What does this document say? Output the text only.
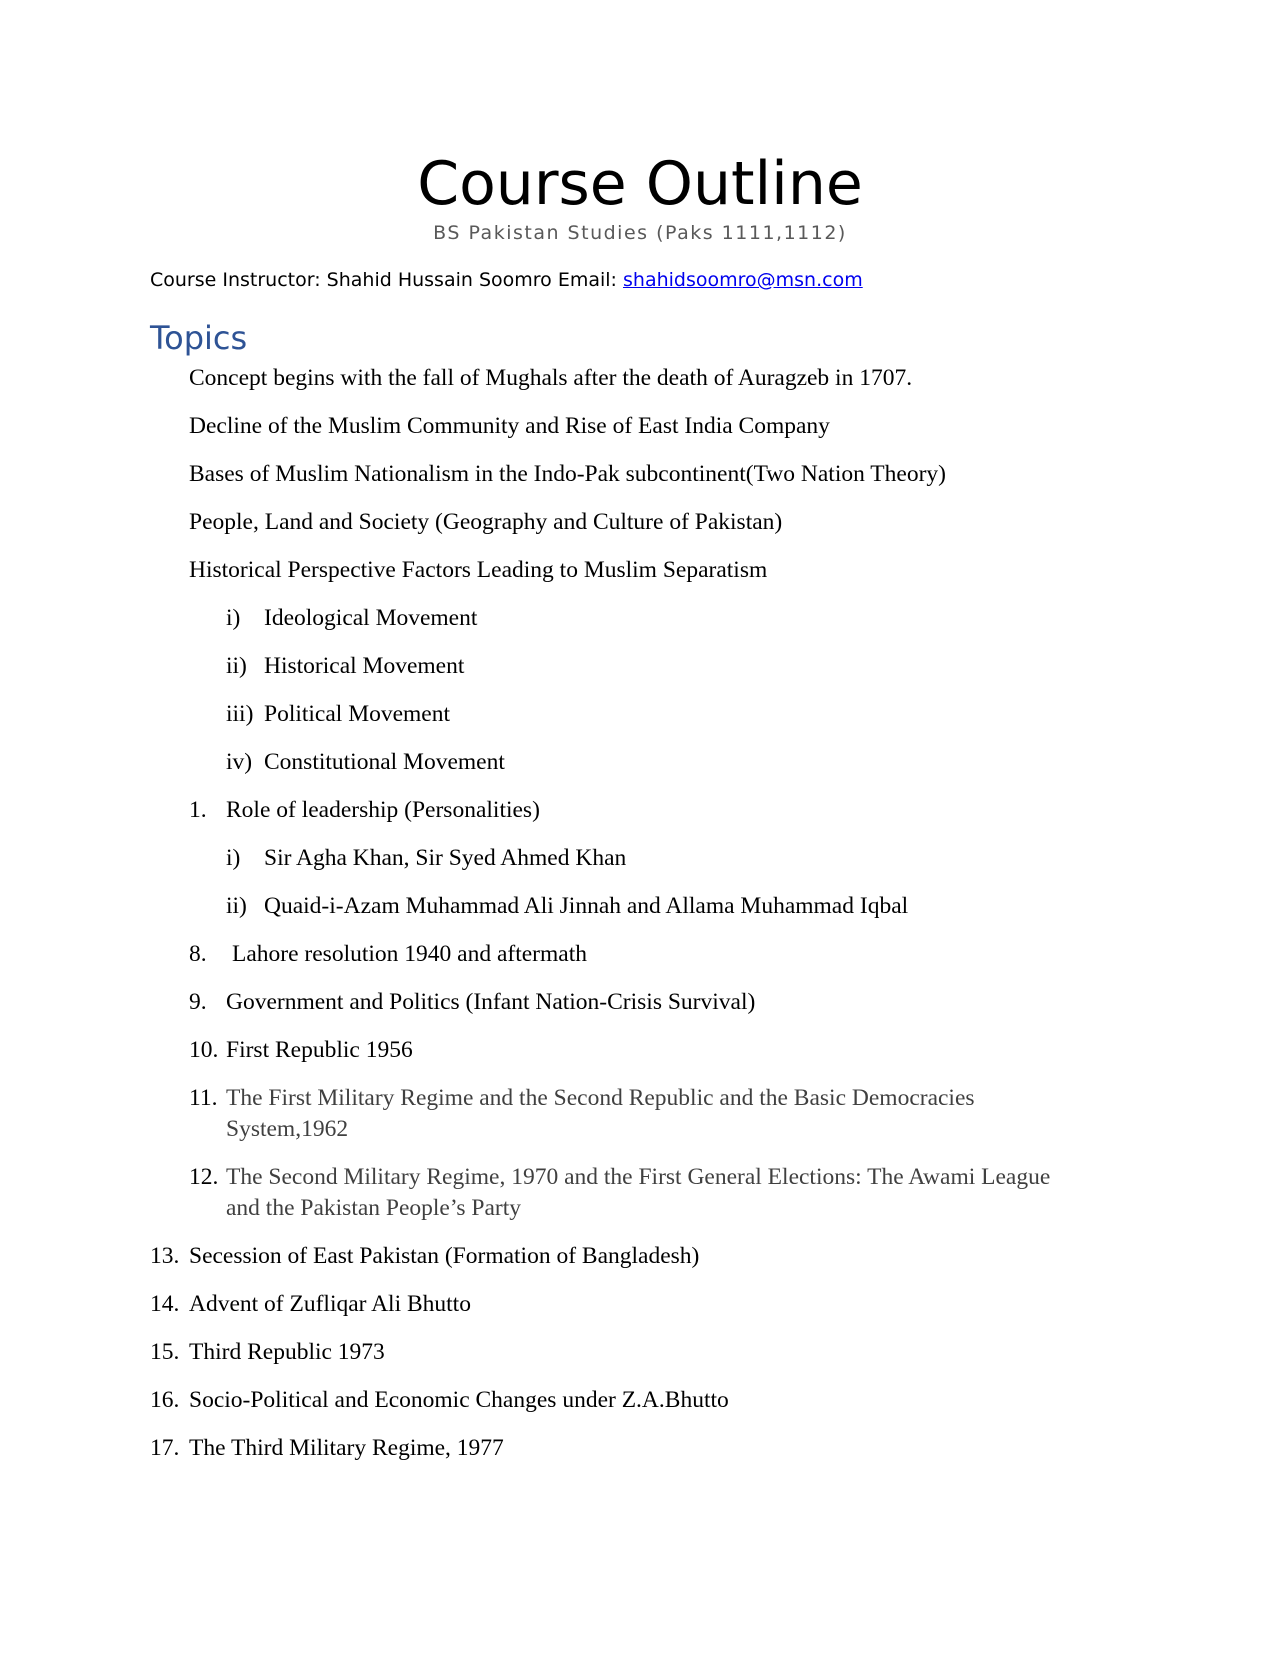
Course Outline
BS Pakistan Studies (Paks 1111,1112)
Course Instructor: Shahid Hussain Soomro Email: shahidsoomro@msn.com
Topics
Concept begins with the fall of Mughals after the death of Auragzeb in 1707.
Decline of the Muslim Community and Rise of East India Company
Bases of Muslim Nationalism in the Indo-Pak subcontinent(Two Nation Theory)
People, Land and Society (Geography and Culture of Pakistan)
Historical Perspective Factors Leading to Muslim Separatism
i) Ideological Movement
ii) Historical Movement
iii) Political Movement
iv) Constitutional Movement
1. Role of leadership (Personalities)
i) Sir Agha Khan, Sir Syed Ahmed Khan
ii) Quaid-i-Azam Muhammad Ali Jinnah and Allama Muhammad Iqbal
8. Lahore resolution 1940 and aftermath
9. Government and Politics (Infant Nation-Crisis Survival)
10. First Republic 1956
11. The First Military Regime and the Second Republic and the Basic Democracies
System,1962
12. The Second Military Regime, 1970 and the First General Elections: The Awami League
and the Pakistan People’s Party
13. Secession of East Pakistan (Formation of Bangladesh)
14. Advent of Zufliqar Ali Bhutto
15. Third Republic 1973
16. Socio-Political and Economic Changes under Z.A.Bhutto
17. The Third Military Regime, 1977
